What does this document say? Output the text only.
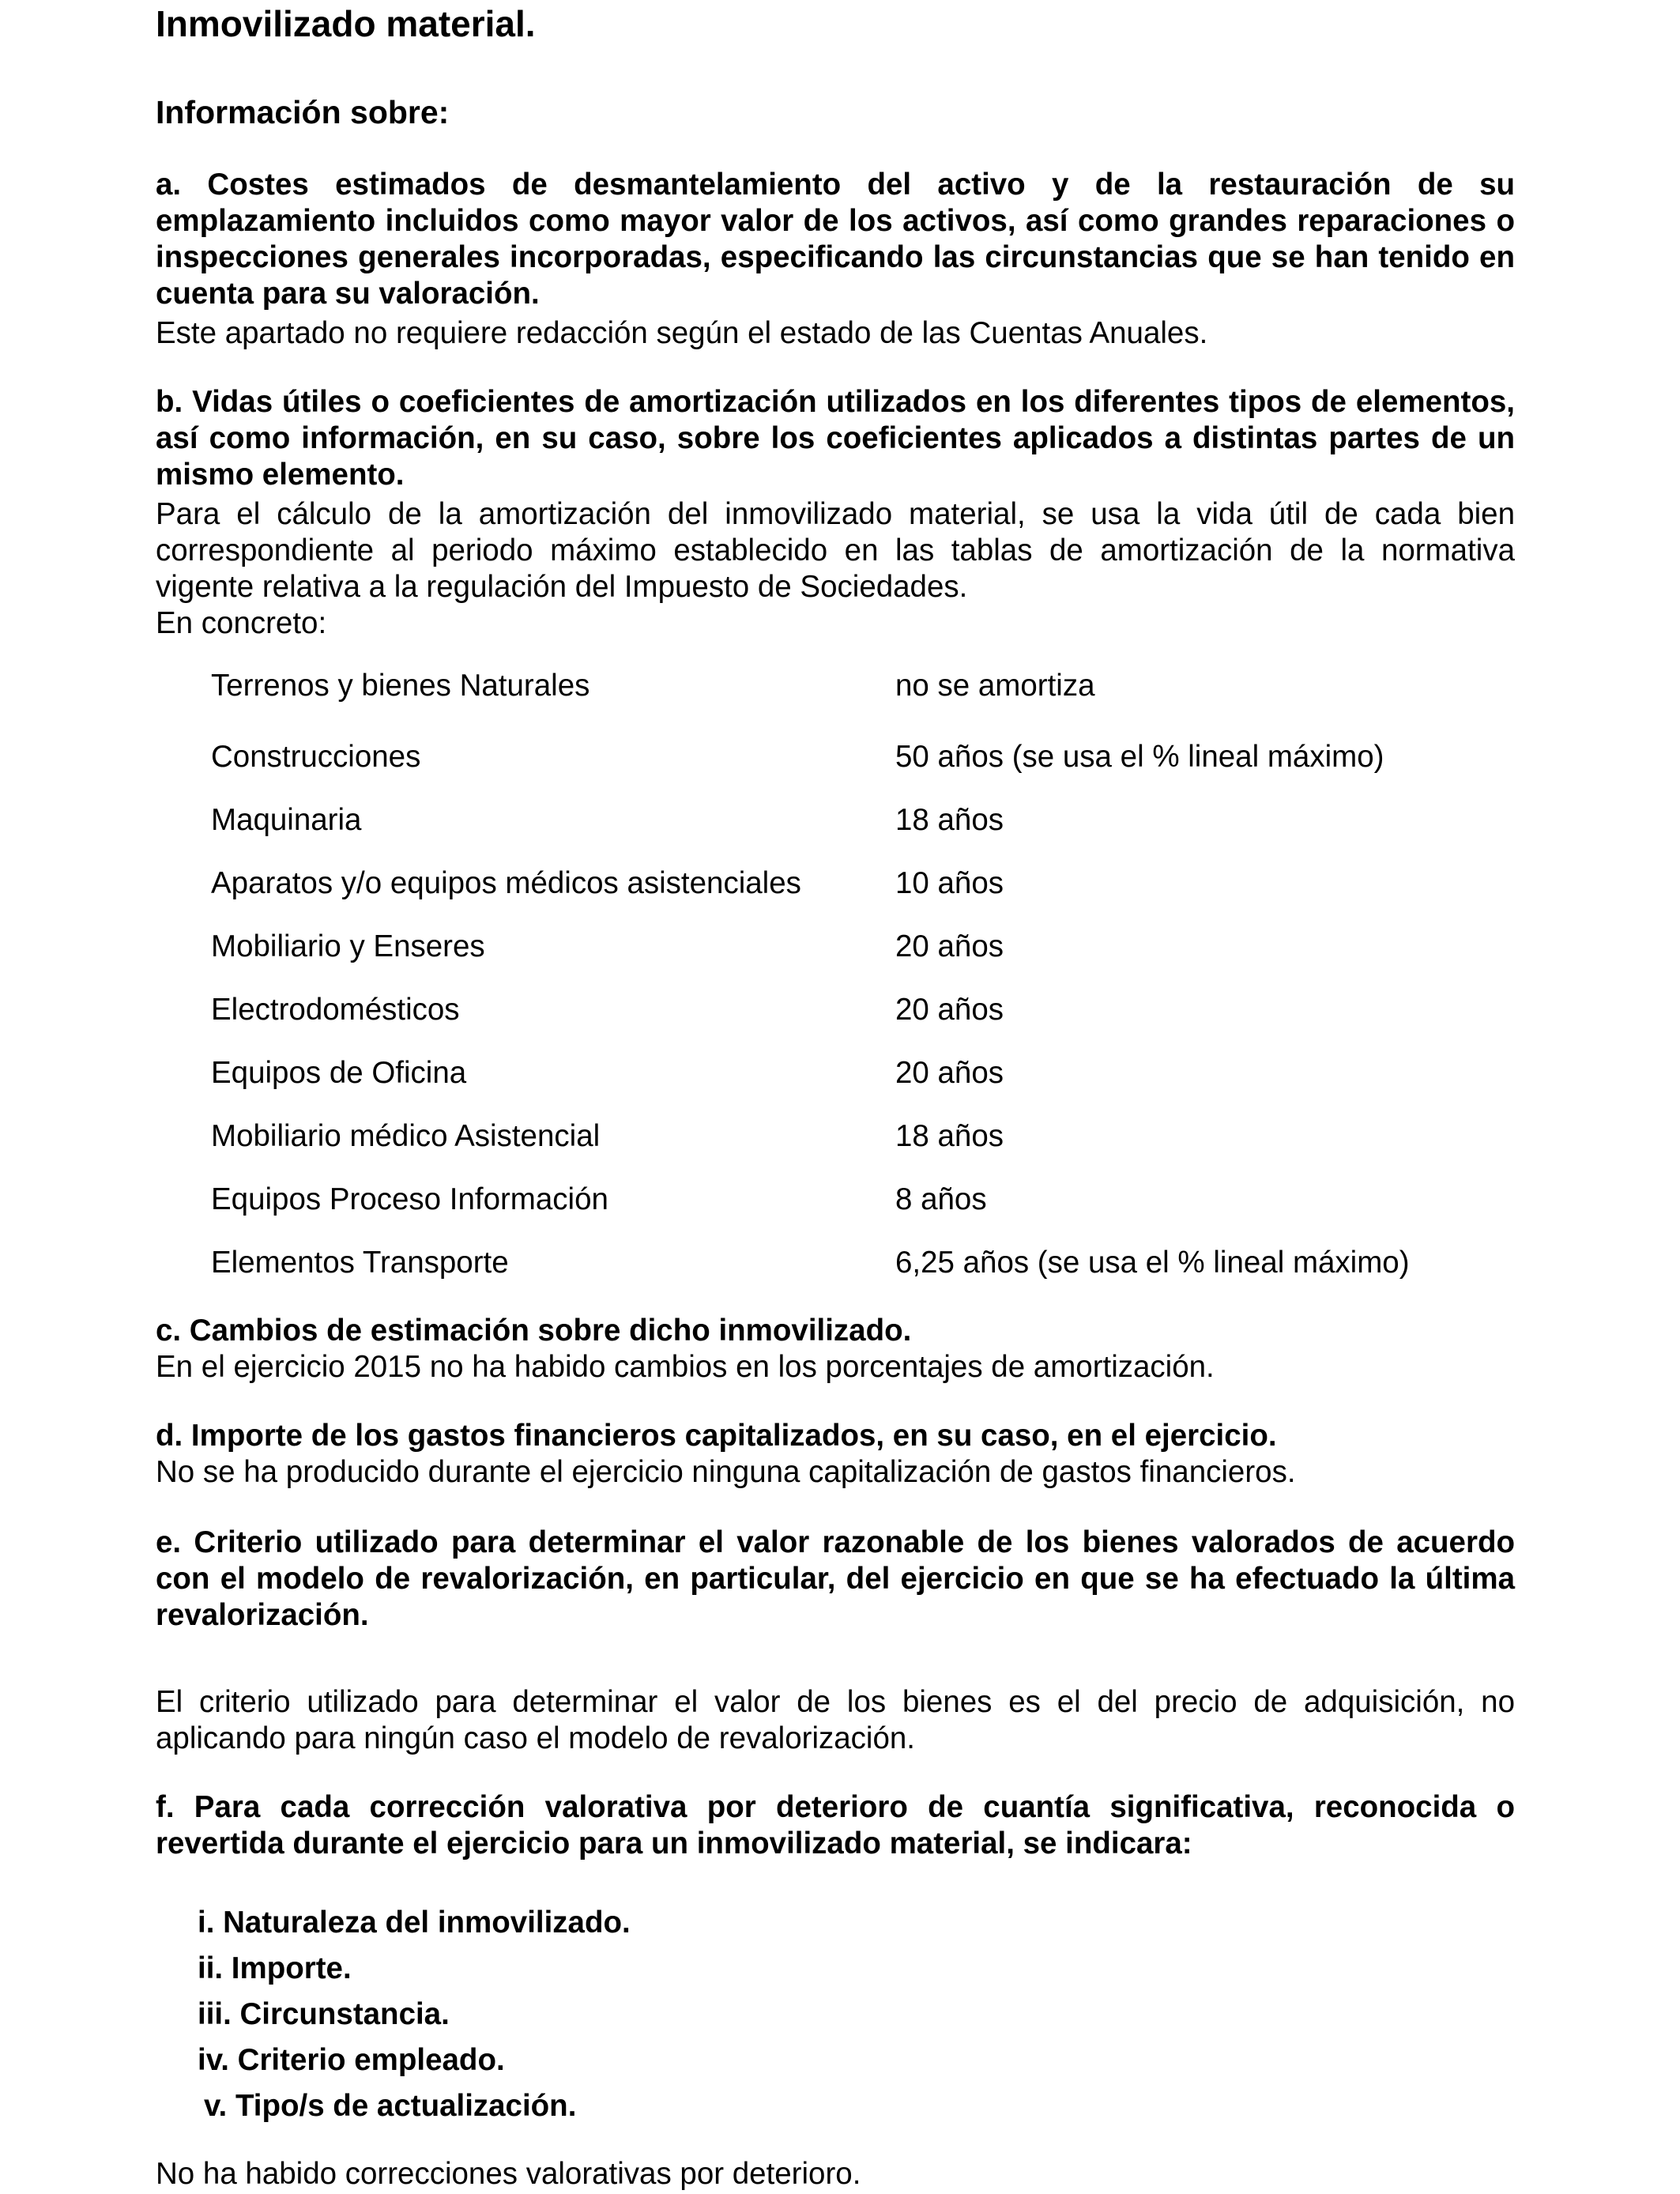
Inmovilizado material.
Información sobre:
a. Costes estimados de desmantelamiento del activo y de la restauración de su emplazamiento incluidos como mayor valor de los activos, así como grandes reparaciones o inspecciones generales incorporadas, especificando las circunstancias que se han tenido en cuenta para su valoración.
Este apartado no requiere redacción según el estado de las Cuentas Anuales.
b. Vidas útiles o coeficientes de amortización utilizados en los diferentes tipos de elementos, así como información, en su caso, sobre los coeficientes aplicados a distintas partes de un mismo elemento.
Para el cálculo de la amortización del inmovilizado material, se usa la vida útil de cada bien correspondiente al periodo máximo establecido en las tablas de amortización de la normativa vigente relativa a la regulación del Impuesto de Sociedades.
En concreto:
Terrenos y bienes Naturales	no se amortiza
Construcciones	50 años (se usa el % lineal máximo)
Maquinaria	18 años
Aparatos y/o equipos médicos asistenciales	10 años
Mobiliario y Enseres	20 años
Electrodomésticos	20 años
Equipos de Oficina	20 años
Mobiliario médico Asistencial	18 años
Equipos Proceso Información	8 años
Elementos Transporte	6,25 años (se usa el % lineal máximo)
c. Cambios de estimación sobre dicho inmovilizado.
En el ejercicio 2015 no ha habido cambios en los porcentajes de amortización.
d. Importe de los gastos financieros capitalizados, en su caso, en el ejercicio.
No se ha producido durante el ejercicio ninguna capitalización de gastos financieros.
e. Criterio utilizado para determinar el valor razonable de los bienes valorados de acuerdo con el modelo de revalorización, en particular, del ejercicio en que se ha efectuado la última revalorización.
El criterio utilizado para determinar el valor de los bienes es el del precio de adquisición, no aplicando para ningún caso el modelo de revalorización.
f. Para cada corrección valorativa por deterioro de cuantía significativa, reconocida o revertida durante el ejercicio para un inmovilizado material, se indicara:
i. Naturaleza del inmovilizado.
ii. Importe.
iii. Circunstancia.
iv. Criterio empleado.
v. Tipo/s de actualización.
No ha habido correcciones valorativas por deterioro.
